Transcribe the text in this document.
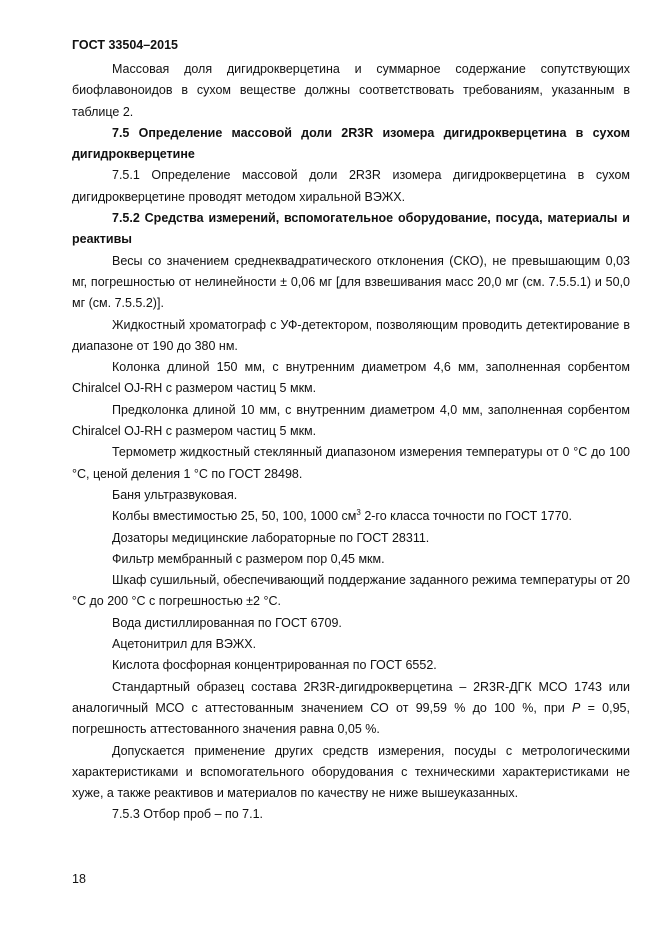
ГОСТ 33504–2015

Массовая доля дигидрокверцетина и суммарное содержание сопутствующих биофлавоноидов в сухом веществе должны соответствовать требованиям, указанным в таблице 2.

7.5 Определение массовой доли 2R3R изомера дигидрокверцетина в сухом дигидрокверцетине

7.5.1 Определение массовой доли 2R3R изомера дигидрокверцетина в сухом дигидрокверцетине проводят методом хиральной ВЭЖХ.

7.5.2 Средства измерений, вспомогательное оборудование, посуда, материалы и реактивы

Весы со значением среднеквадратического отклонения (СКО), не превышающим 0,03 мг, погрешностью от нелинейности ± 0,06 мг [для взвешивания масс 20,0 мг (см. 7.5.5.1) и 50,0 мг (см. 7.5.5.2)].

Жидкостный хроматограф с УФ-детектором, позволяющим проводить детектирование в диапазоне от 190 до 380 нм.

Колонка длиной 150 мм, с внутренним диаметром 4,6 мм, заполненная сорбентом Chiralcel OJ-RH с размером частиц 5 мкм.

Предколонка длиной 10 мм, с внутренним диаметром 4,0 мм, заполненная сорбентом Chiralcel OJ-RH с размером частиц 5 мкм.

Термометр жидкостный стеклянный диапазоном измерения температуры от 0 °С до 100 °С, ценой деления 1 °С по ГОСТ 28498.

Баня ультразвуковая.

Колбы вместимостью 25, 50, 100, 1000 $см^3$ 2-го класса точности по ГОСТ 1770.

Дозаторы медицинские лабораторные по ГОСТ 28311.

Фильтр мембранный с размером пор 0,45 мкм.

Шкаф сушильный, обеспечивающий поддержание заданного режима температуры от 20 °С до 200 °С с погрешностью ±2 °С.

Вода дистиллированная по ГОСТ 6709.

Ацетонитрил для ВЭЖХ.

Кислота фосфорная концентрированная по ГОСТ 6552.

Стандартный образец состава 2R3R-дигидрокверцетина – 2R3R-ДГК МСО 1743 или аналогичный МСО с аттестованным значением СО от 99,59 % до 100 %, при P = 0,95, погрешность аттестованного значения равна 0,05 %.

Допускается применение других средств измерения, посуды с метрологическими характеристиками и вспомогательного оборудования с техническими характеристиками не хуже, а также реактивов и материалов по качеству не ниже вышеуказанных.

7.5.3 Отбор проб – по 7.1.

18
